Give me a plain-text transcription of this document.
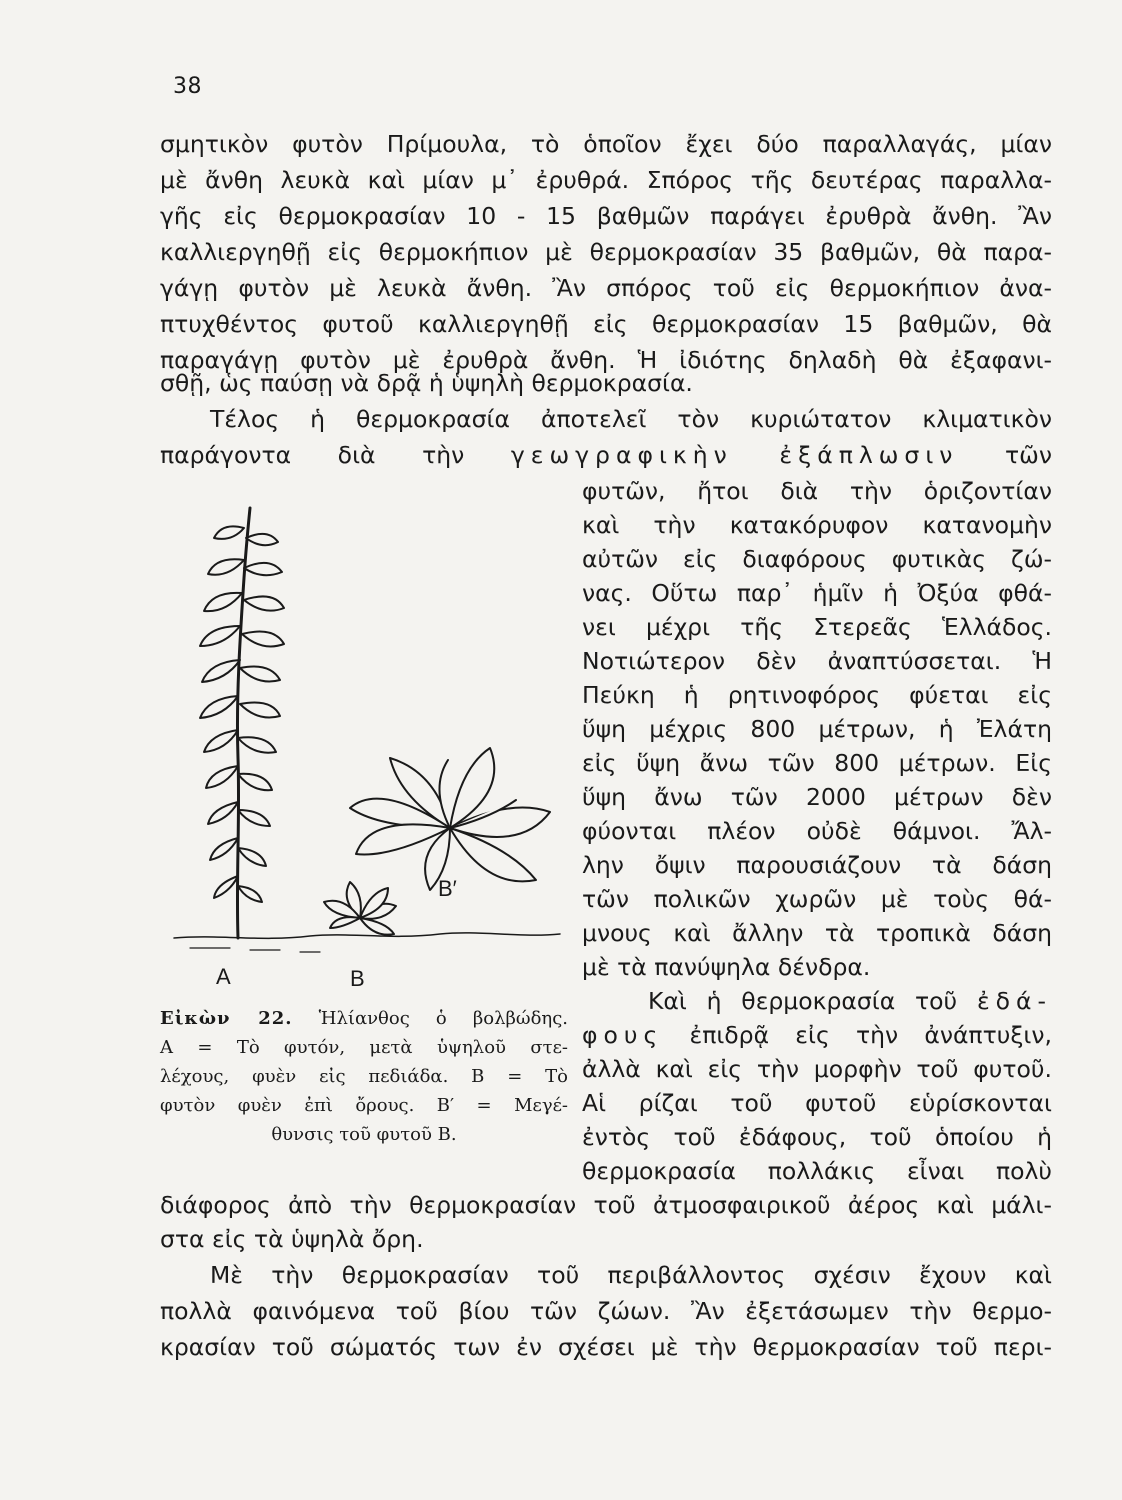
38
σμητικὸν φυτὸν Πρίμουλα, τὸ ὁποῖον ἔχει δύο παραλλαγάς, μίαν
μὲ ἄνθη λευκὰ καὶ μίαν μ᾿ ἐρυθρά. Σπόρος τῆς δευτέρας παραλλα-
γῆς εἰς θερμοκρασίαν 10 - 15 βαθμῶν παράγει ἐρυθρὰ ἄνθη. Ἂν
καλλιεργηθῇ εἰς θερμοκήπιον μὲ θερμοκρασίαν 35 βαθμῶν, θὰ παρα-
γάγῃ φυτὸν μὲ λευκὰ ἄνθη. Ἂν σπόρος τοῦ εἰς θερμοκήπιον ἀνα-
πτυχθέντος φυτοῦ καλλιεργηθῇ εἰς θερμοκρασίαν 15 βαθμῶν, θὰ
παραγάγῃ φυτὸν μὲ ἐρυθρὰ ἄνθη. Ἡ ἰδιότης δηλαδὴ θὰ ἐξαφανι-
σθῇ, ὡς παύσῃ νὰ δρᾷ ἡ ὑψηλὴ θερμοκρασία.
Τέλος ἡ θερμοκρασία ἀποτελεῖ τὸν κυριώτατον κλιματικὸν
παράγοντα διὰ τὴν γεωγραφικὴν ἐξάπλωσιν τῶν
φυτῶν, ἤτοι διὰ τὴν ὁριζοντίαν
καὶ τὴν κατακόρυφον κατανομὴν
αὐτῶν εἰς διαφόρους φυτικὰς ζώ-
νας. Οὕτω παρ᾿ ἡμῖν ἡ Ὀξύα φθά-
νει μέχρι τῆς Στερεᾶς Ἑλλάδος.
Νοτιώτερον δὲν ἀναπτύσσεται. Ἡ
Πεύκη ἡ ρητινοφόρος φύεται εἰς
ὕψη μέχρις 800 μέτρων, ἡ Ἐλάτη
εἰς ὕψη ἄνω τῶν 800 μέτρων. Εἰς
ὕψη ἄνω τῶν 2000 μέτρων δὲν
φύονται πλέον οὐδὲ θάμνοι. Ἄλ-
λην ὄψιν παρουσιάζουν τὰ δάση
τῶν πολικῶν χωρῶν μὲ τοὺς θά-
μνους καὶ ἄλλην τὰ τροπικὰ δάση
μὲ τὰ πανύψηλα δένδρα.
Καὶ ἡ θερμοκρασία τοῦ ἐδά-
φους ἐπιδρᾷ εἰς τὴν ἀνάπτυξιν,
ἀλλὰ καὶ εἰς τὴν μορφὴν τοῦ φυτοῦ.
Αἱ ρίζαι τοῦ φυτοῦ εὑρίσκονται
ἐντὸς τοῦ ἐδάφους, τοῦ ὁποίου ἡ
θερμοκρασία πολλάκις εἶναι πολὺ
διάφορος ἀπὸ τὴν θερμοκρασίαν τοῦ ἀτμοσφαιρικοῦ ἀέρος καὶ μάλι-
στα εἰς τὰ ὑψηλὰ ὄρη.
Μὲ τὴν θερμοκρασίαν τοῦ περιβάλλοντος σχέσιν ἔχουν καὶ
πολλὰ φαινόμενα τοῦ βίου τῶν ζώων. Ἂν ἐξετάσωμεν τὴν θερμο-
κρασίαν τοῦ σώματός των ἐν σχέσει μὲ τὴν θερμοκρασίαν τοῦ περι-
A	B
B′
Εἰκὼν 22. Ἡλίανθος ὁ βολβώδης.
A = Τὸ φυτόν, μετὰ ὑψηλοῦ στε-
λέχους, φυὲν εἰς πεδιάδα. B = Τὸ
φυτὸν φυὲν ἐπὶ ὄρους. B′ = Μεγέ-
θυνσις τοῦ φυτοῦ B.
